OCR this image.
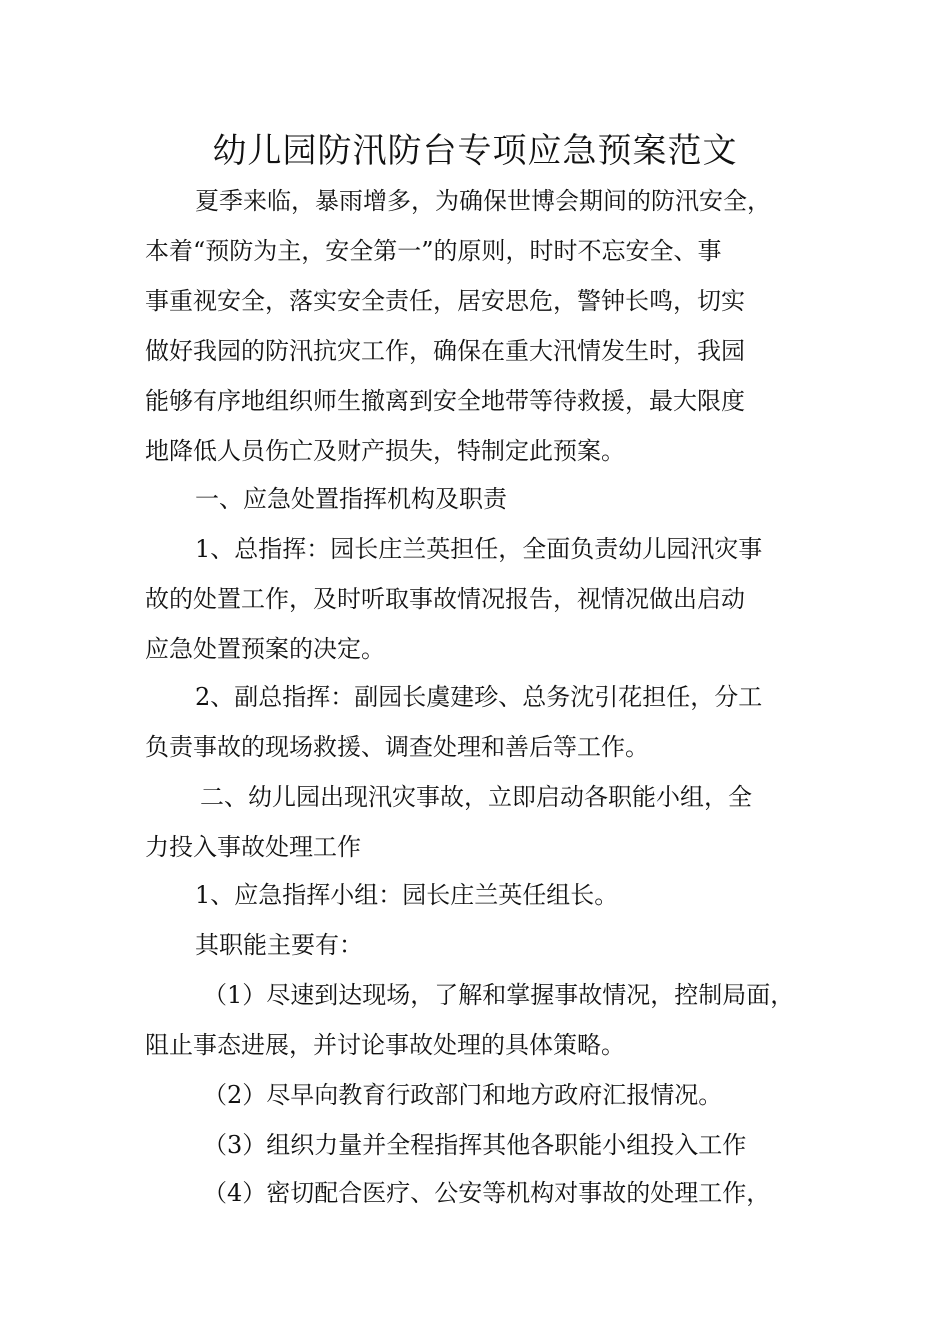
幼儿园防汛防台专项应急预案范文
夏季来临，暴雨增多，为确保世博会期间的防汛安全，
本着“预防为主，安全第一”的原则，时时不忘安全、事
事重视安全，落实安全责任，居安思危，警钟长鸣，切实
做好我园的防汛抗灾工作，确保在重大汛情发生时，我园
能够有序地组织师生撤离到安全地带等待救援，最大限度
地降低人员伤亡及财产损失，特制定此预案。
一、应急处置指挥机构及职责
1、总指挥：园长庄兰英担任，全面负责幼儿园汛灾事
故的处置工作，及时听取事故情况报告，视情况做出启动
应急处置预案的决定。
2、副总指挥：副园长虞建珍、总务沈引花担任，分工
负责事故的现场救援、调查处理和善后等工作。
二、幼儿园出现汛灾事故，立即启动各职能小组，全
力投入事故处理工作
1、应急指挥小组：园长庄兰英任组长。
其职能主要有：
（1）尽速到达现场，了解和掌握事故情况，控制局面，
阻止事态进展，并讨论事故处理的具体策略。
（2）尽早向教育行政部门和地方政府汇报情况。
（3）组织力量并全程指挥其他各职能小组投入工作
（4）密切配合医疗、公安等机构对事故的处理工作，
